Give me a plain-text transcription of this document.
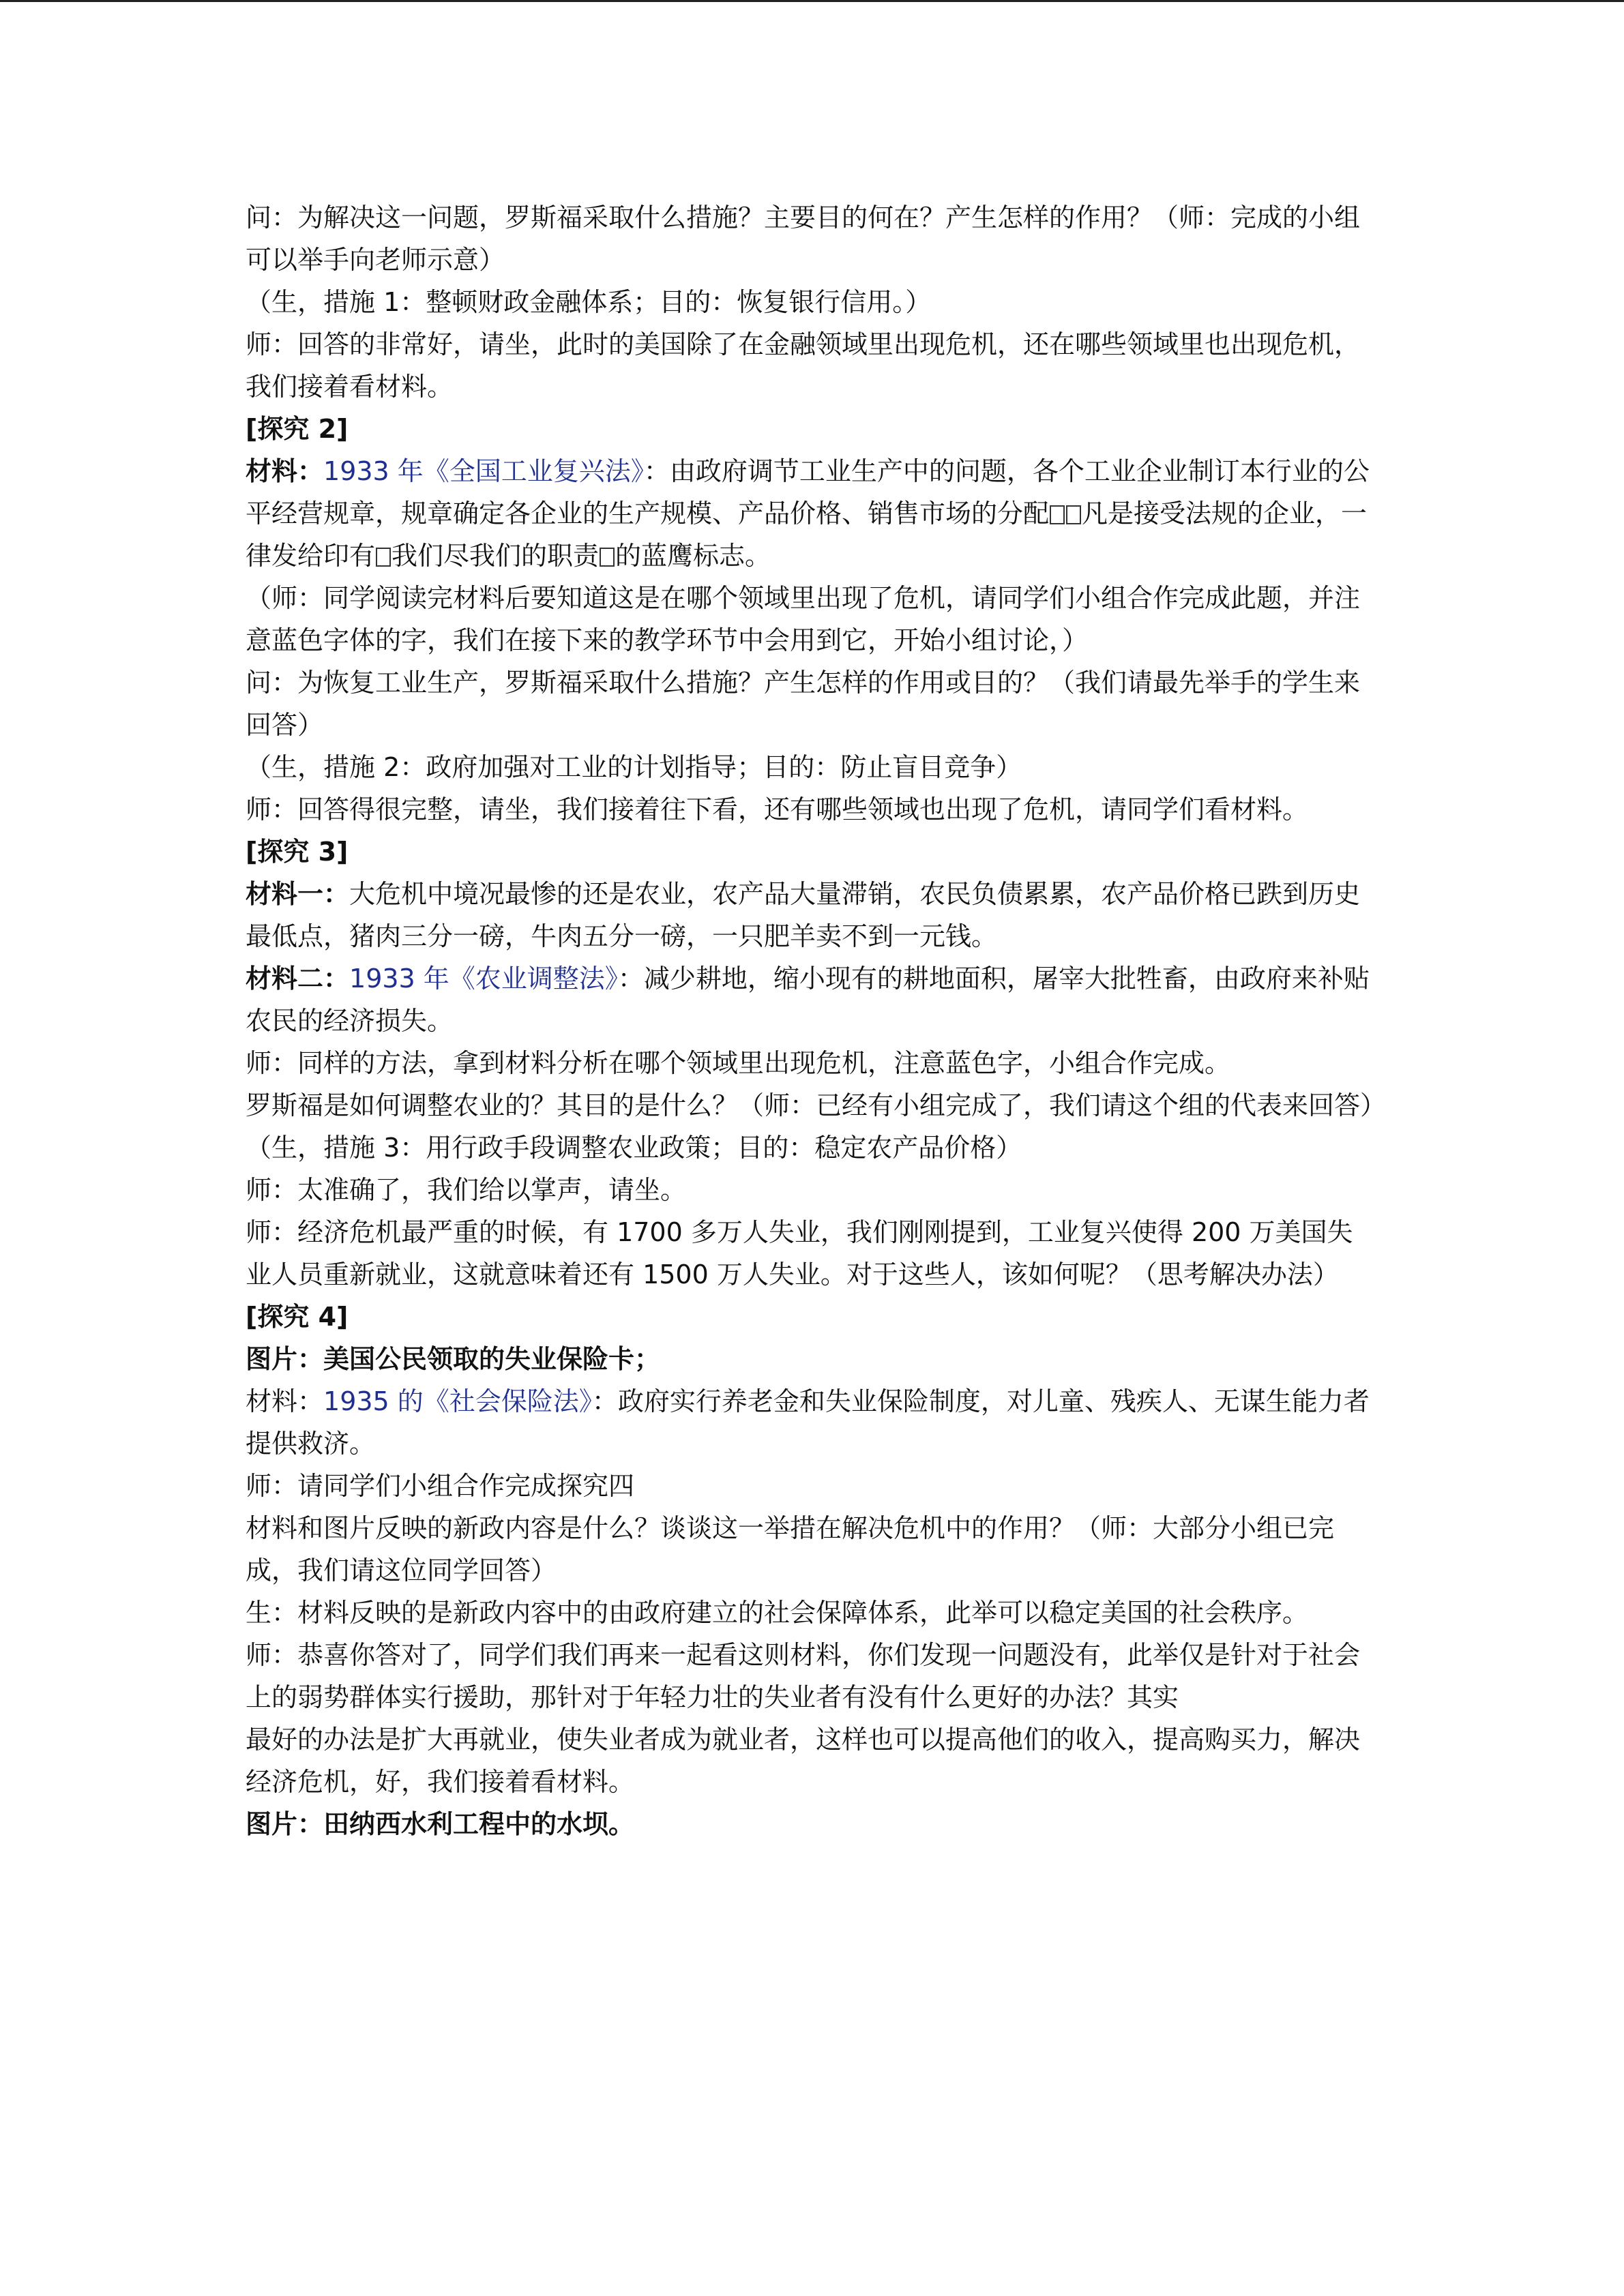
问：为解决这一问题，罗斯福采取什么措施？主要目的何在？产生怎样的作用？（师：完成的小组可以举手向老师示意）

（生，措施 1：整顿财政金融体系；目的：恢复银行信用。）

师：回答的非常好，请坐，此时的美国除了在金融领域里出现危机，还在哪些领域里也出现危机，我们接着看材料。

[探究 2]

材料：1933 年《全国工业复兴法》：由政府调节工业生产中的问题，各个工业企业制订本行业的公平经营规章，规章确定各企业的生产规模、产品价格、销售市场的分配 凡是接受法规的企业，一律发给印有 我们尽我们的职责 的蓝鹰标志。

（师：同学阅读完材料后要知道这是在哪个领域里出现了危机，请同学们小组合作完成此题，并注意蓝色字体的字，我们在接下来的教学环节中会用到它，开始小组讨论，）

问：为恢复工业生产，罗斯福采取什么措施？产生怎样的作用或目的？（我们请最先举手的学生来回答）

（生，措施 2：政府加强对工业的计划指导；目的：防止盲目竞争）

师：回答得很完整，请坐，我们接着往下看，还有哪些领域也出现了危机，请同学们看材料。

[探究 3]

材料一：大危机中境况最惨的还是农业，农产品大量滞销，农民负债累累，农产品价格已跌到历史最低点，猪肉三分一磅，牛肉五分一磅，一只肥羊卖不到一元钱。

材料二：1933 年《农业调整法》：减少耕地，缩小现有的耕地面积，屠宰大批牲畜，由政府来补贴农民的经济损失。

师：同样的方法，拿到材料分析在哪个领域里出现危机，注意蓝色字，小组合作完成。

罗斯福是如何调整农业的？其目的是什么？（师：已经有小组完成了，我们请这个组的代表来回答）

（生，措施 3：用行政手段调整农业政策；目的：稳定农产品价格）

师：太准确了，我们给以掌声，请坐。

师：经济危机最严重的时候，有 1700 多万人失业，我们刚刚提到，工业复兴使得 200 万美国失业人员重新就业，这就意味着还有 1500 万人失业。对于这些人，该如何呢？（思考解决办法）

[探究 4]

图片：美国公民领取的失业保险卡；

材料：1935 的《社会保险法》：政府实行养老金和失业保险制度，对儿童、残疾人、无谋生能力者提供救济。

师：请同学们小组合作完成探究四

材料和图片反映的新政内容是什么？谈谈这一举措在解决危机中的作用？（师：大部分小组已完成，我们请这位同学回答）

生：材料反映的是新政内容中的由政府建立的社会保障体系，此举可以稳定美国的社会秩序。

师：恭喜你答对了，同学们我们再来一起看这则材料，你们发现一问题没有，此举仅是针对于社会上的弱势群体实行援助，那针对于年轻力壮的失业者有没有什么更好的办法？其实

最好的办法是扩大再就业，使失业者成为就业者，这样也可以提高他们的收入，提高购买力，解决经济危机，好，我们接着看材料。

图片：田纳西水利工程中的水坝。
